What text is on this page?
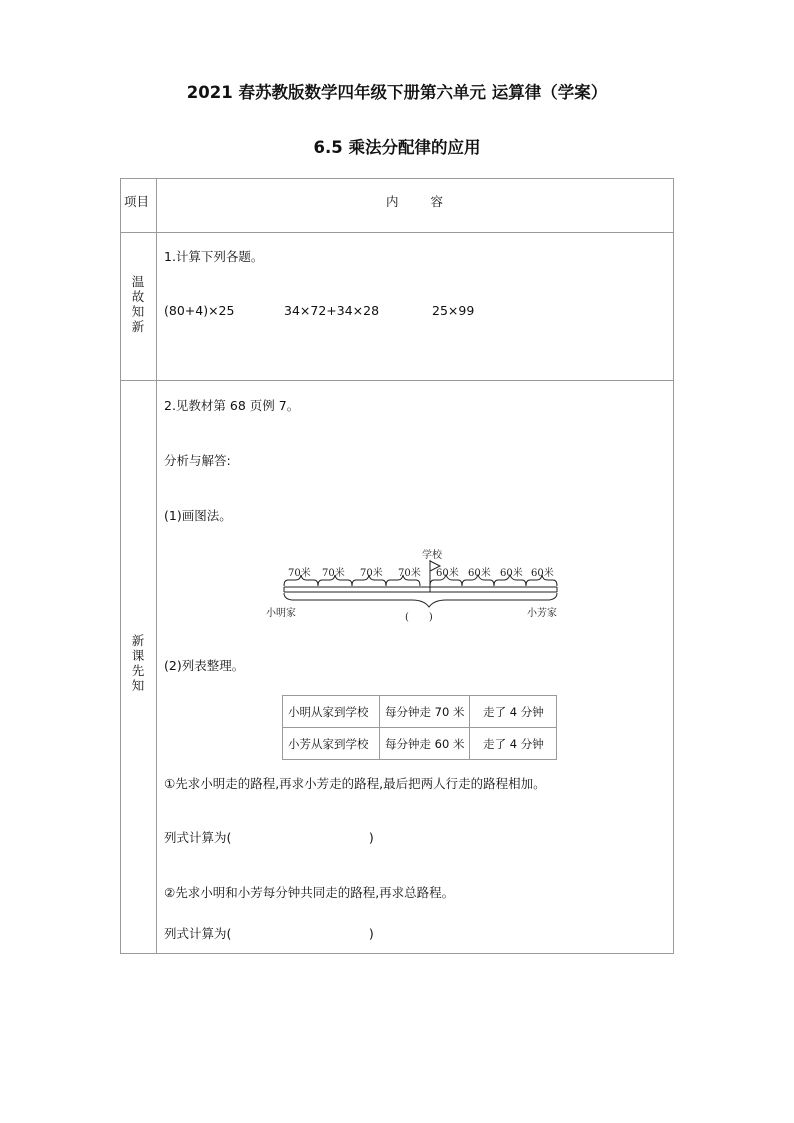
2021 春苏教版数学四年级下册第六单元 运算律（学案）
6.5 乘法分配律的应用
项目	内 容
温故知新
1.计算下列各题。
(80+4)×25	34×72+34×28	25×99
新课先知
2.见教材第 68 页例 7。
分析与解答:
(1)画图法。
(2)列表整理。
①先求小明走的路程,再求小芳走的路程,最后把两人行走的路程相加。
列式计算为(　　　　　　　　　　　)
②先求小明和小芳每分钟共同走的路程,再求总路程。
列式计算为(　　　　　　　　　　　)
学校
70米 70米 70米 70米 60米 60米 60米 60米
小明家	小芳家
(　　)
小明从家到学校	每分钟走 70 米	走了 4 分钟
小芳从家到学校	每分钟走 60 米	走了 4 分钟
